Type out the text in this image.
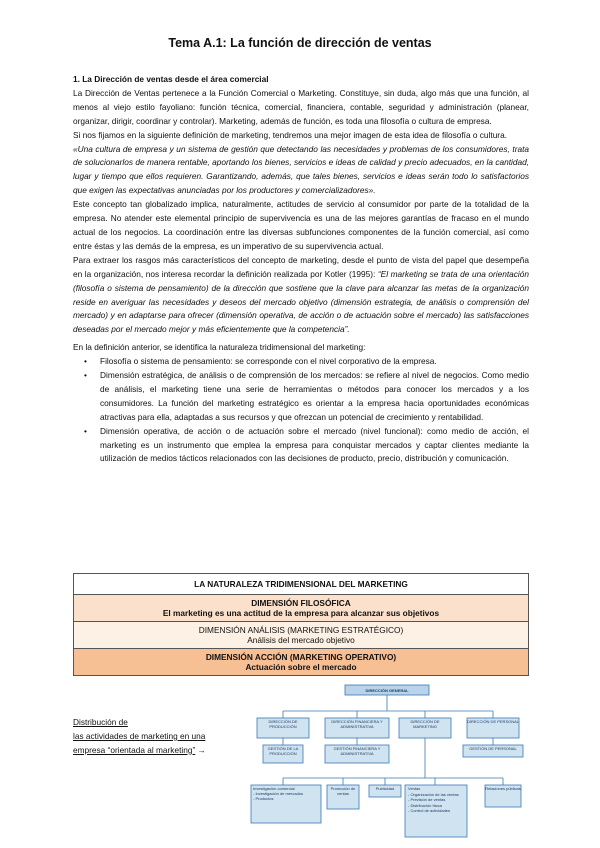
Tema A.1: La función de dirección de ventas

1. La Dirección de ventas desde el área comercial

La Dirección de Ventas pertenece a la Función Comercial o Marketing. Constituye, sin duda, algo más que una función, al menos al viejo estilo fayoliano: función técnica, comercial, financiera, contable, seguridad y administración (planear, organizar, dirigir, coordinar y controlar). Marketing, además de función, es toda una filosofía o cultura de empresa.

Si nos fijamos en la siguiente definición de marketing, tendremos una mejor imagen de esta idea de filosofía o cultura.

«Una cultura de empresa y un sistema de gestión que detectando las necesidades y problemas de los consumidores, trata de solucionarlos de manera rentable, aportando los bienes, servicios e ideas de calidad y precio adecuados, en la cantidad, lugar y tiempo que ellos requieren. Garantizando, además, que tales bienes, servicios e ideas serán todo lo satisfactorios que exigen las expectativas anunciadas por los productores y comercializadores».

Este concepto tan globalizado implica, naturalmente, actitudes de servicio al consumidor por parte de la totalidad de la empresa. No atender este elemental principio de supervivencia es una de las mejores garantías de fracaso en el mundo actual de los negocios. La coordinación entre las diversas subfunciones componentes de la función comercial, así como entre éstas y las demás de la empresa, es un imperativo de su supervivencia actual.

Para extraer los rasgos más característicos del concepto de marketing, desde el punto de vista del papel que desempeña en la organización, nos interesa recordar la definición realizada por Kotler (1995): “El marketing se trata de una orientación (filosofía o sistema de pensamiento) de la dirección que sostiene que la clave para alcanzar las metas de la organización reside en averiguar las necesidades y deseos del mercado objetivo (dimensión estrategia, de análisis o comprensión del mercado) y en adaptarse para ofrecer (dimensión operativa, de acción o de actuación sobre el mercado) las satisfacciones deseadas por el mercado mejor y más eficientemente que la competencia”.

En la definición anterior, se identifica la naturaleza tridimensional del marketing:

• Filosofía o sistema de pensamiento: se corresponde con el nivel corporativo de la empresa.
• Dimensión estratégica, de análisis o de comprensión de los mercados: se refiere al nivel de negocios. Como medio de análisis, el marketing tiene una serie de herramientas o métodos para conocer los mercados y a los consumidores. La función del marketing estratégico es orientar a la empresa hacia oportunidades económicas atractivas para ella, adaptadas a sus recursos y que ofrezcan un potencial de crecimiento y rentabilidad.
• Dimensión operativa, de acción o de actuación sobre el mercado (nivel funcional): como medio de acción, el marketing es un instrumento que emplea la empresa para conquistar mercados y captar clientes mediante la utilización de medios tácticos relacionados con las decisiones de producto, precio, distribución y comunicación.
LA NATURALEZA TRIDIMENSIONAL DEL MARKETING

DIMENSIÓN FILOSÓFICA
El marketing es una actitud de la empresa para alcanzar sus objetivos

DIMENSIÓN ANÁLISIS (MARKETING ESTRATÉGICO)
Análisis del mercado objetivo

DIMENSIÓN ACCIÓN (MARKETING OPERATIVO)
Actuación sobre el mercado
Distribución de
las actividades de marketing en una
empresa “orientada al marketing” →
DIRECCIÓN GENERAL
DIRECCIÓN DE PRODUCCIÓN
DIRECCIÓN FINANCIERA Y ADMINISTRATIVA
DIRECCIÓN DE MARKETING
DIRECCIÓN DE PERSONAL
GESTIÓN DE LA PRODUCCIÓN
GESTIÓN FINANCIERA Y ADMINISTRATIVA
GESTIÓN DE PERSONAL
Investigación comercial
- Investigación de mercados
- Productos
Promoción de ventas
Publicidad	Ventas
- Organización de las ventas
- Previsión de ventas
- Distribución física
- Control de actividades
Relaciones públicas
